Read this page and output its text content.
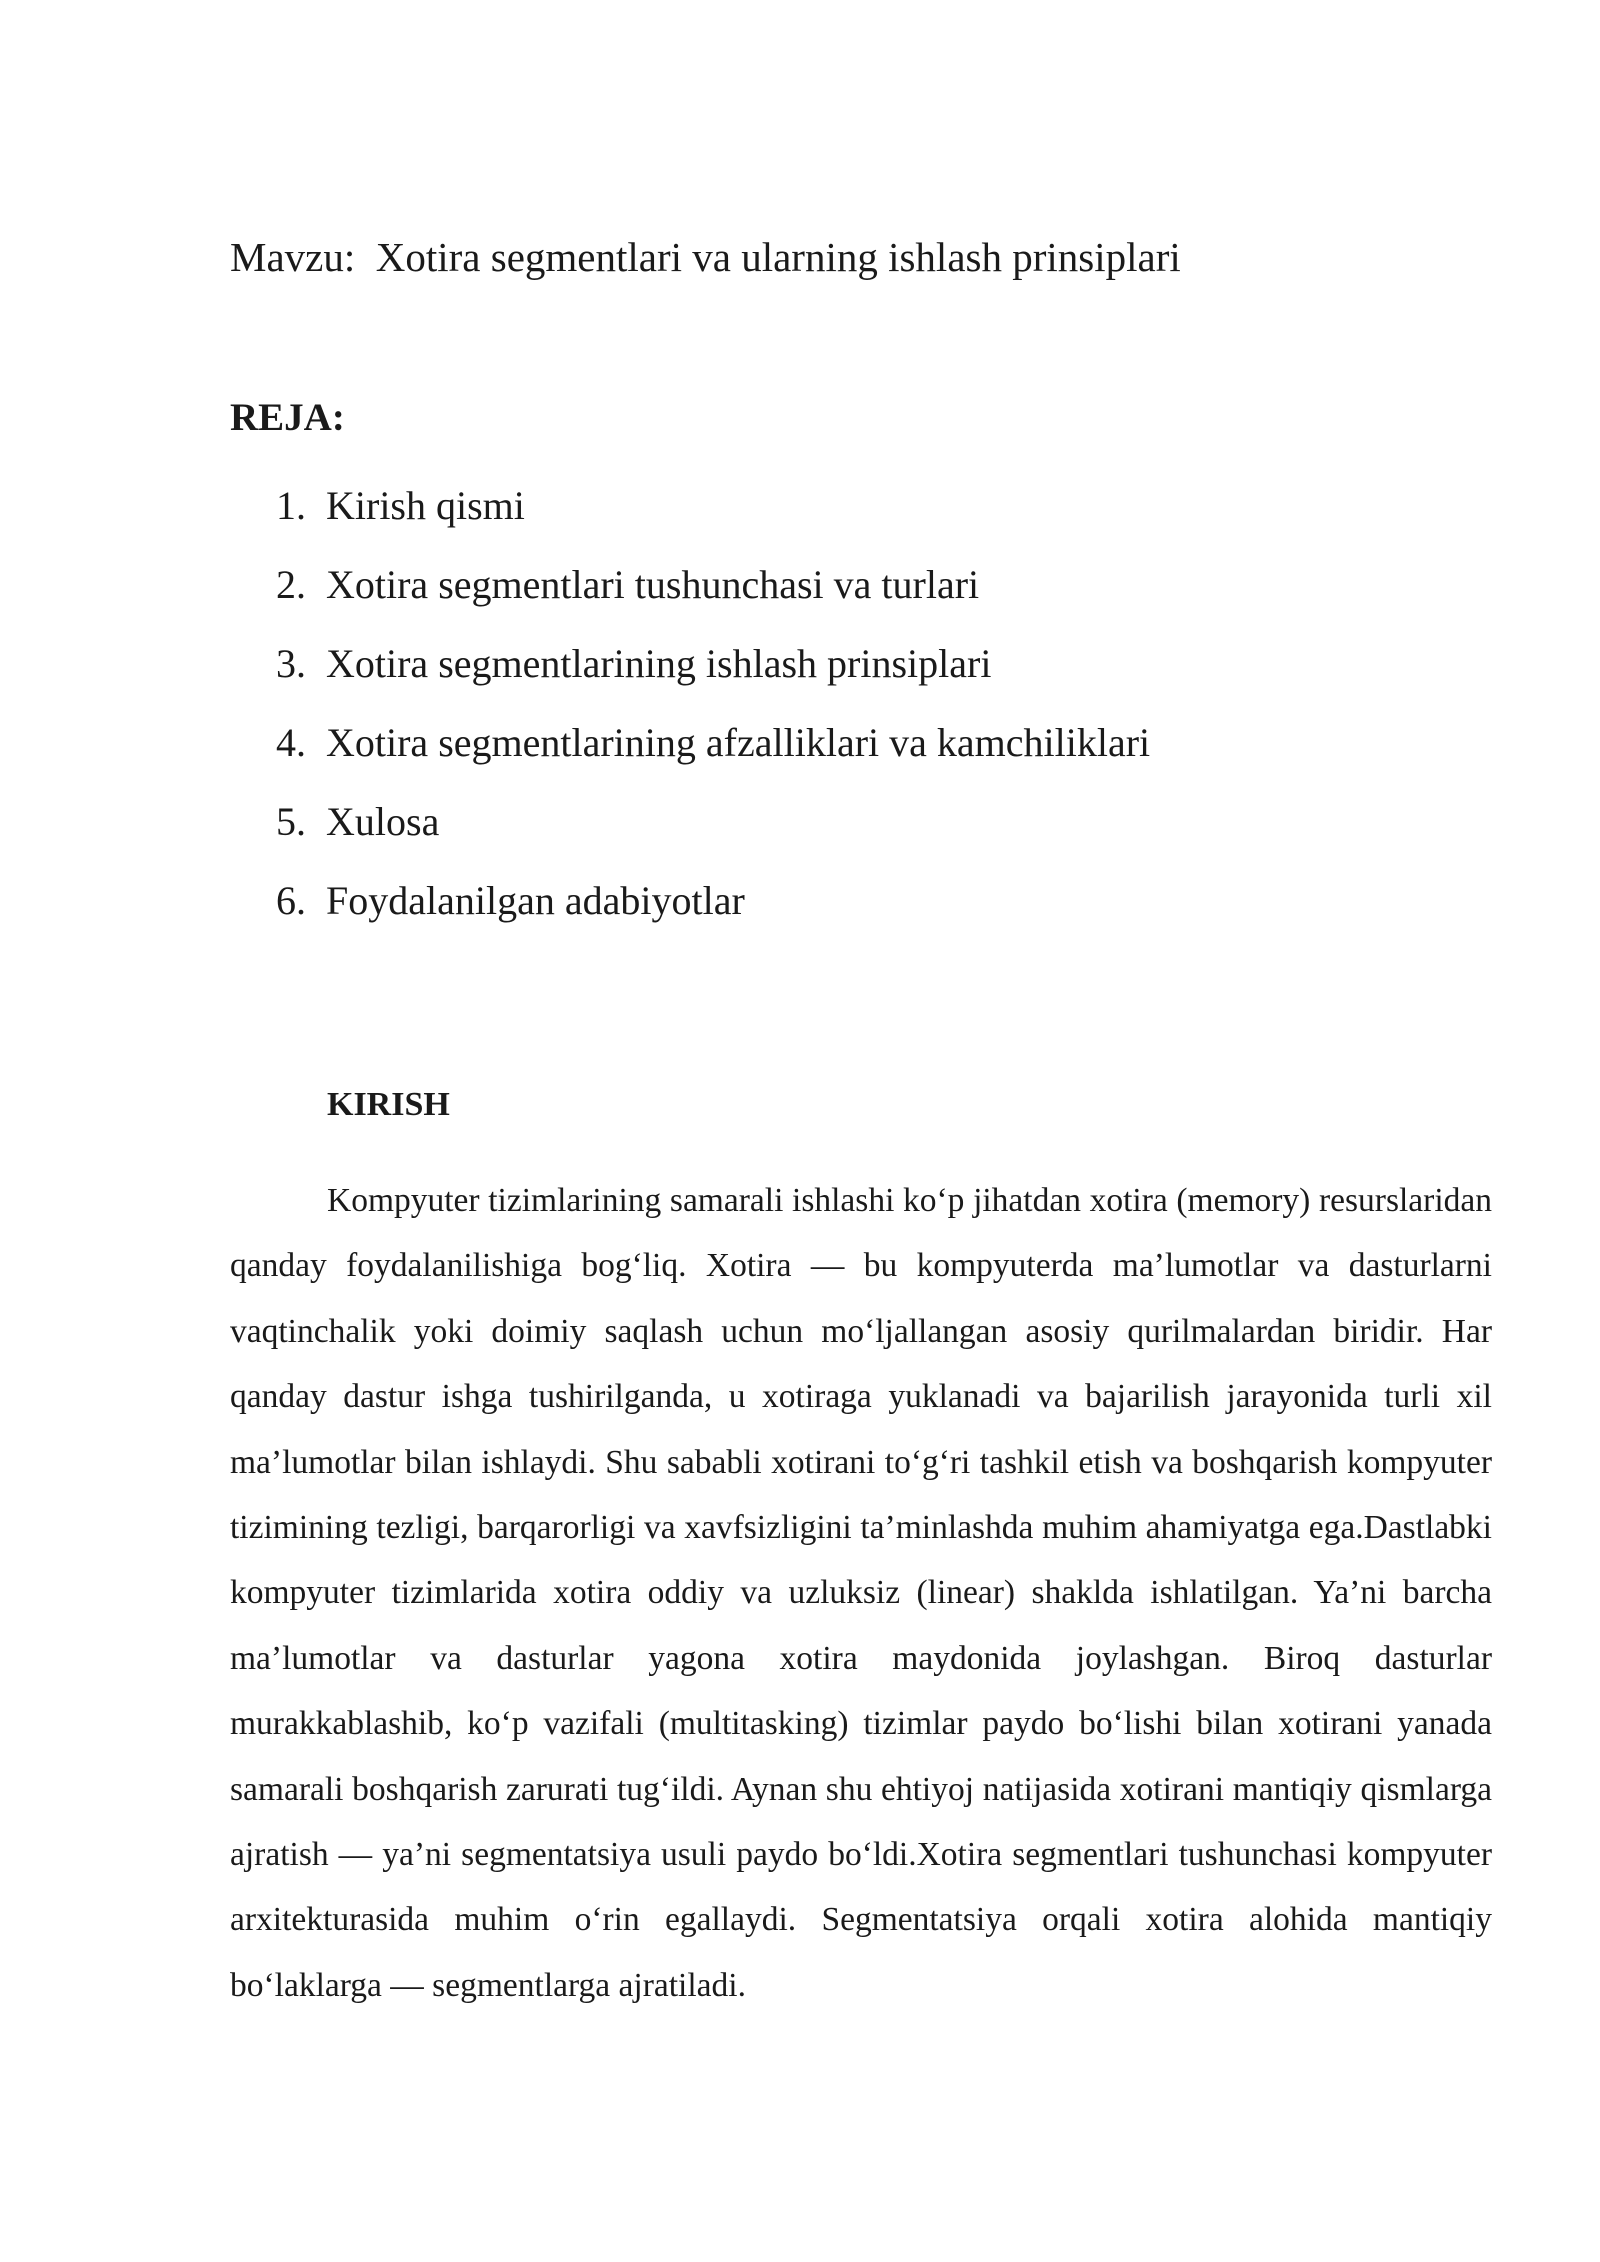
Mavzu:  Xotira segmentlari va ularning ishlash prinsiplari
REJA:
1. Kirish qismi
2. Xotira segmentlari tushunchasi va turlari
3. Xotira segmentlarining ishlash prinsiplari
4. Xotira segmentlarining afzalliklari va kamchiliklari
5. Xulosa
6. Foydalanilgan adabiyotlar
KIRISH

Kompyuter tizimlarining samarali ishlashi ko‘p jihatdan xotira (memory) resurslaridan qanday foydalanilishiga bog‘liq. Xotira — bu kompyuterda ma’lumotlar va dasturlarni vaqtinchalik yoki doimiy saqlash uchun mo‘ljallangan asosiy qurilmalardan biridir. Har qanday dastur ishga tushirilganda, u xotiraga yuklanadi va bajarilish jarayonida turli xil ma’lumotlar bilan ishlaydi. Shu sababli xotirani to‘g‘ri tashkil etish va boshqarish kompyuter tizimining tezligi, barqarorligi va xavfsizligini ta’minlashda muhim ahamiyatga ega.Dastlabki kompyuter tizimlarida xotira oddiy va uzluksiz (linear) shaklda ishlatilgan. Ya’ni barcha ma’lumotlar va dasturlar yagona xotira maydonida joylashgan. Biroq dasturlar murakkablashib, ko‘p vazifali (multitasking) tizimlar paydo bo‘lishi bilan xotirani yanada samarali boshqarish zarurati tug‘ildi. Aynan shu ehtiyoj natijasida xotirani mantiqiy qismlarga ajratish — ya’ni segmentatsiya usuli paydo bo‘ldi.Xotira segmentlari tushunchasi kompyuter arxitekturasida muhim o‘rin egallaydi. Segmentatsiya orqali xotira alohida mantiqiy bo‘laklarga — segmentlarga ajratiladi.
